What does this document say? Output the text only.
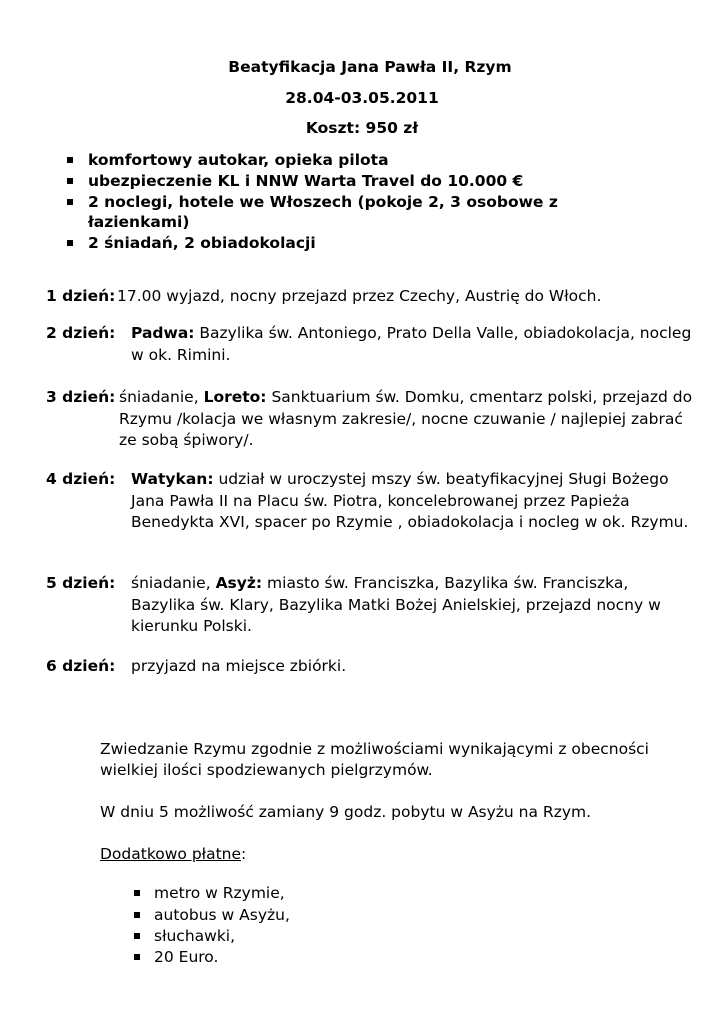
Beatyfikacja Jana Pawła II, Rzym
28.04-03.05.2011
Koszt: 950 zł
komfortowy autokar, opieka pilota
ubezpieczenie KL i NNW Warta Travel do 10.000 €
2 noclegi, hotele we Włoszech (pokoje 2, 3 osobowe z łazienkami)
2 śniadań, 2 obiadokolacji
1 dzień: 17.00 wyjazd, nocny przejazd przez Czechy, Austrię do Włoch.
2 dzień: Padwa: Bazylika św. Antoniego, Prato Della Valle, obiadokolacja, nocleg w ok. Rimini.
3 dzień: śniadanie, Loreto: Sanktuarium św. Domku, cmentarz polski, przejazd do Rzymu /kolacja we własnym zakresie/, nocne czuwanie / najlepiej zabrać ze sobą śpiwory/.
4 dzień: Watykan: udział w uroczystej mszy św. beatyfikacyjnej Sługi Bożego Jana Pawła II na Placu św. Piotra, koncelebrowanej przez Papieża Benedykta XVI, spacer po Rzymie , obiadokolacja i nocleg w ok. Rzymu.
5 dzień: śniadanie, Asyż: miasto św. Franciszka, Bazylika św. Franciszka, Bazylika św. Klary, Bazylika Matki Bożej Anielskiej, przejazd nocny w kierunku Polski.
6 dzień: przyjazd na miejsce zbiórki.
Zwiedzanie Rzymu zgodnie z możliwościami wynikającymi z obecności wielkiej ilości spodziewanych pielgrzymów.
W dniu 5 możliwość zamiany 9 godz. pobytu w Asyżu na Rzym.
Dodatkowo płatne:
metro w Rzymie,
autobus w Asyżu,
słuchawki,
20 Euro.
